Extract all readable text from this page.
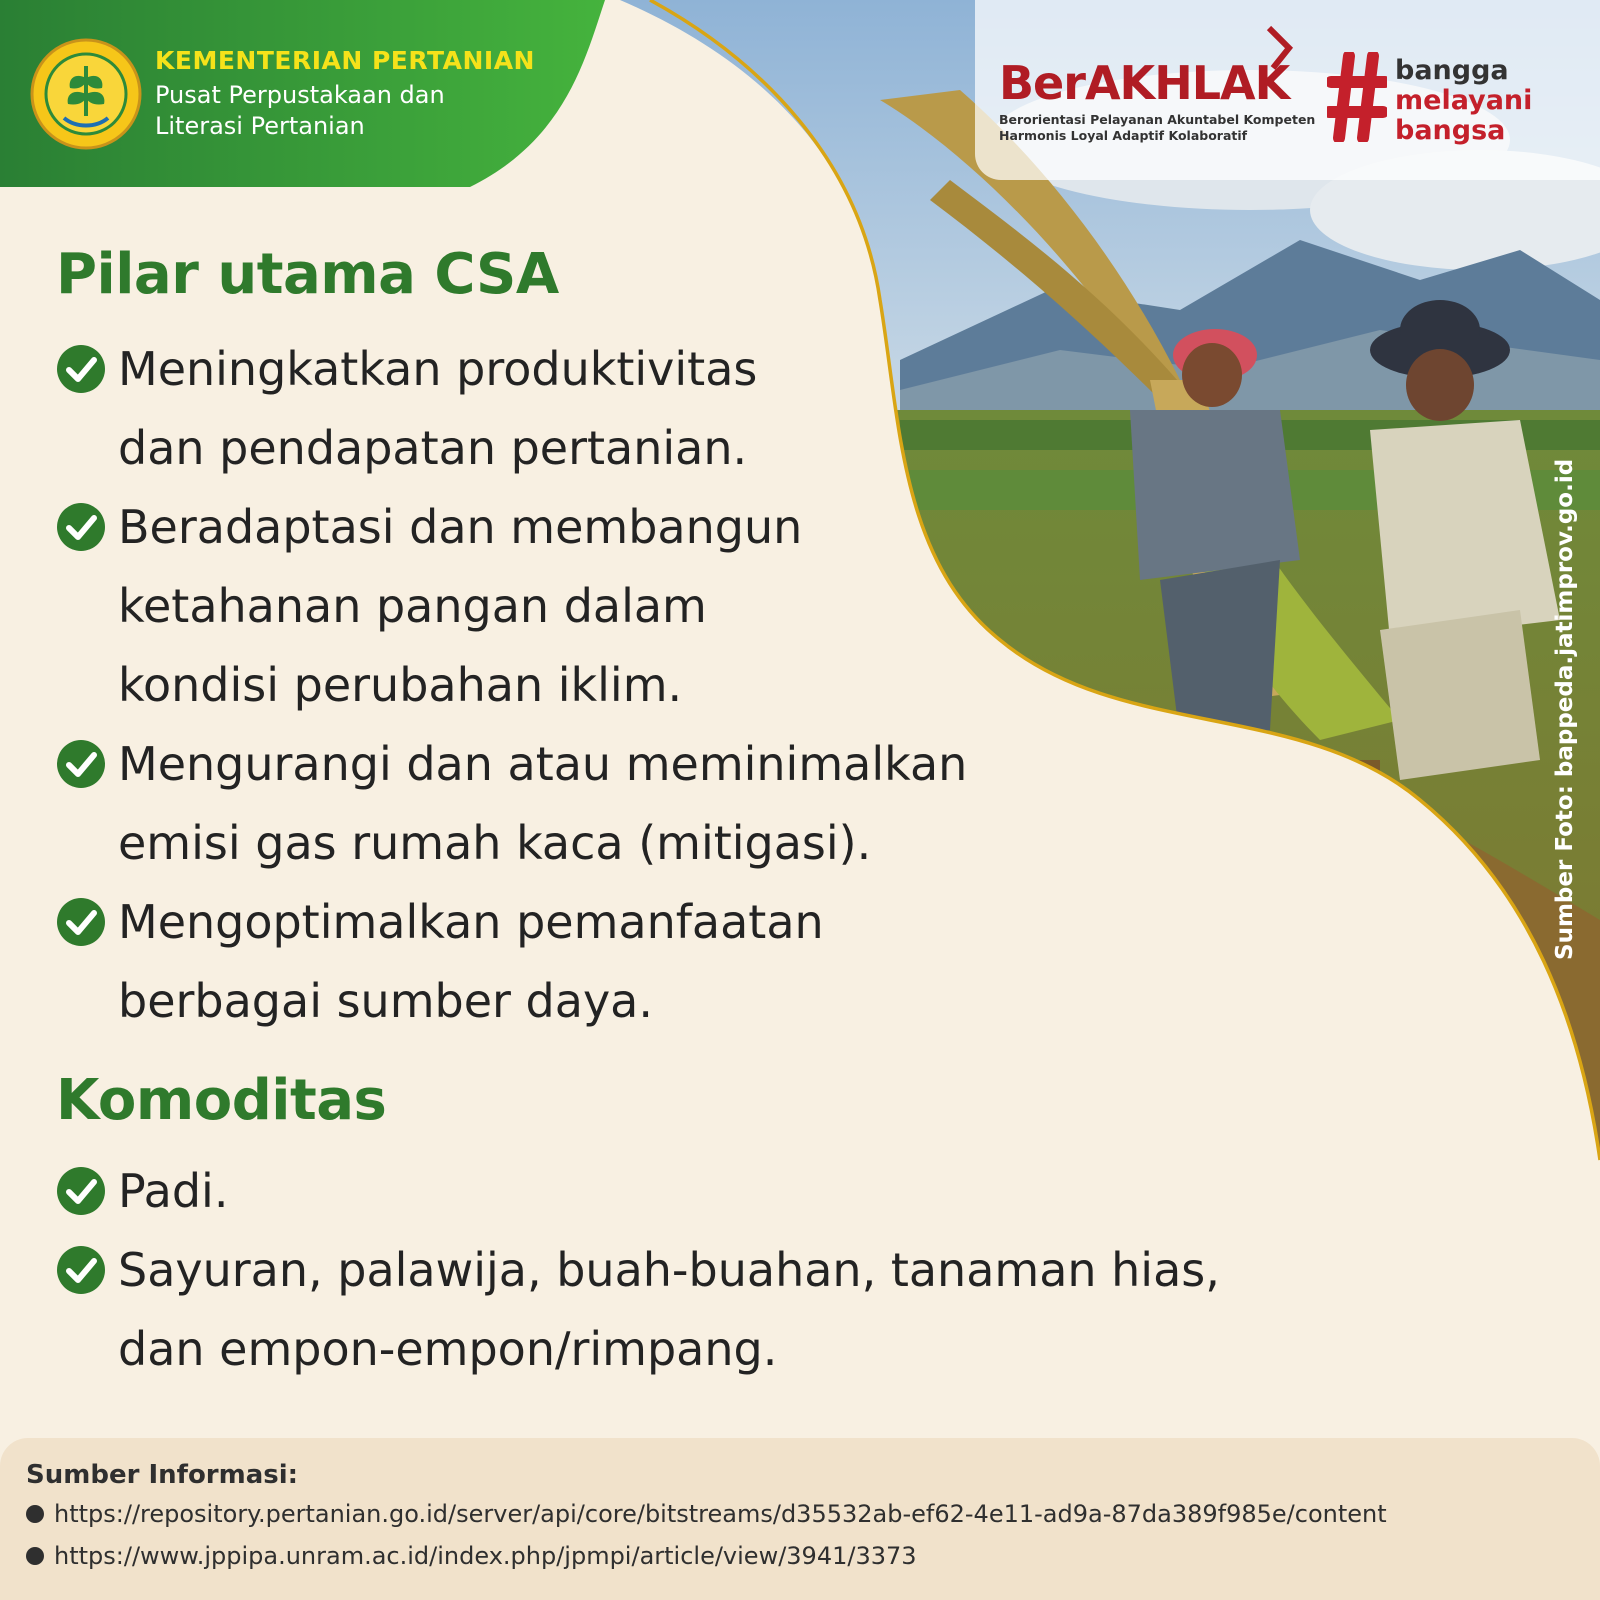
KEMENTERIAN PERTANIAN
Pusat Perpustakaan dan
Literasi Pertanian
BerAKHLAK
Berorientasi Pelayanan Akuntabel Kompeten
Harmonis Loyal Adaptif Kolaboratif
bangga
melayani
bangsa
Pilar utama CSA
Meningkatkan produktivitas
dan pendapatan pertanian.
Beradaptasi dan membangun
ketahanan pangan dalam
kondisi perubahan iklim.
Mengurangi dan atau meminimalkan
emisi gas rumah kaca (mitigasi).
Mengoptimalkan pemanfaatan
berbagai sumber daya.
Komoditas
Padi.
Sayuran, palawija, buah-buahan, tanaman hias,
dan empon-empon/rimpang.
Sumber Foto: bappeda.jatimprov.go.id
Sumber Informasi:
https://repository.pertanian.go.id/server/api/core/bitstreams/d35532ab-ef62-4e11-ad9a-87da389f985e/content
https://www.jppipa.unram.ac.id/index.php/jpmpi/article/view/3941/3373
